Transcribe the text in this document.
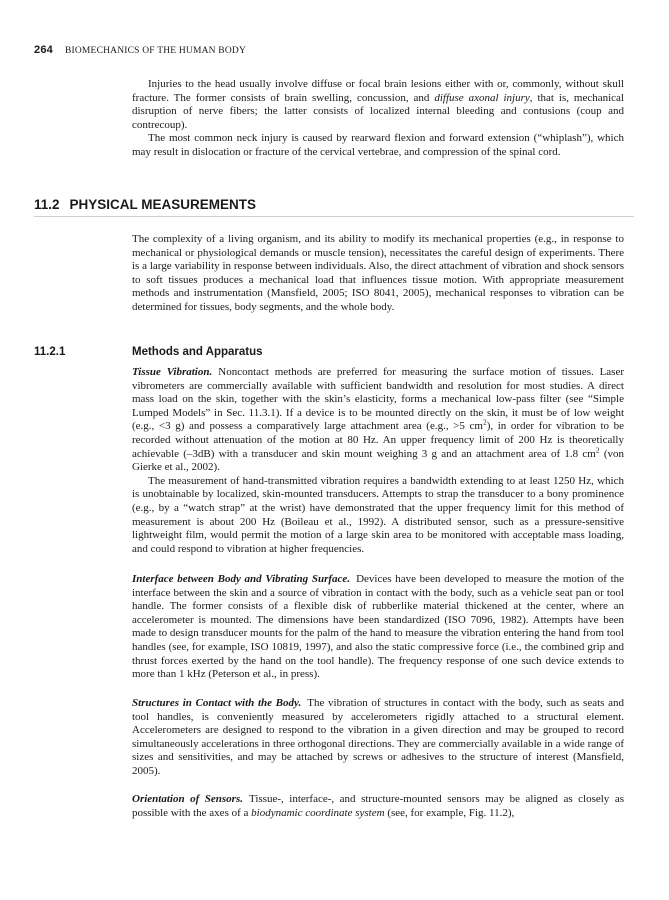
264 BIOMECHANICS OF THE HUMAN BODY

Injuries to the head usually involve diffuse or focal brain lesions either with or, commonly, without skull fracture. The former consists of brain swelling, concussion, and diffuse axonal injury, that is, mechanical disruption of nerve fibers; the latter consists of localized internal bleeding and contusions (coup and contrecoup).

The most common neck injury is caused by rearward flexion and forward extension (“whiplash”), which may result in dislocation or fracture of the cervical vertebrae, and compression of the spinal cord.

11.2 PHYSICAL MEASUREMENTS

The complexity of a living organism, and its ability to modify its mechanical properties (e.g., in response to mechanical or physiological demands or muscle tension), necessitates the careful design of experiments. There is a large variability in response between individuals. Also, the direct attachment of vibration and shock sensors to soft tissues produces a mechanical load that influences tissue motion. With appropriate measurement methods and instrumentation (Mansfield, 2005; ISO 8041, 2005), mechanical responses to vibration can be determined for tissues, body segments, and the whole body.

11.2.1	Methods and Apparatus

Tissue Vibration. Noncontact methods are preferred for measuring the surface motion of tissues. Laser vibrometers are commercially available with sufficient bandwidth and resolution for most studies. A direct mass load on the skin, together with the skin’s elasticity, forms a mechanical low-pass filter (see “Simple Lumped Models” in Sec. 11.3.1). If a device is to be mounted directly on the skin, it must be of low weight (e.g., <3 g) and possess a comparatively large attachment area (e.g., >5 $cm^2$), in order for vibration to be recorded without attenuation of the motion at 80 Hz. An upper frequency limit of 200 Hz is theoretically achievable (–3dB) with a transducer and skin mount weighing 3 g and an attachment area of 1.8 $cm^2$ (von Gierke et al., 2002).

The measurement of hand-transmitted vibration requires a bandwidth extending to at least 1250 Hz, which is unobtainable by localized, skin-mounted transducers. Attempts to strap the transducer to a bony prominence (e.g., by a “watch strap” at the wrist) have demonstrated that the upper frequency limit for this method of measurement is about 200 Hz (Boileau et al., 1992). A distributed sensor, such as a pressure-sensitive lightweight film, would permit the motion of a large skin area to be monitored with acceptable mass loading, and could respond to vibration at higher frequencies.

Interface between Body and Vibrating Surface. Devices have been developed to measure the motion of the interface between the skin and a source of vibration in contact with the body, such as a vehicle seat pan or tool handle. The former consists of a flexible disk of rubberlike material thickened at the center, where an accelerometer is mounted. The dimensions have been standardized (ISO 7096, 1982). Attempts have been made to design transducer mounts for the palm of the hand to measure the vibration entering the hand from tool handles (see, for example, ISO 10819, 1997), and also the static compressive force (i.e., the combined grip and thrust forces exerted by the hand on the tool handle). The frequency response of one such device extends to more than 1 kHz (Peterson et al., in press).

Structures in Contact with the Body. The vibration of structures in contact with the body, such as seats and tool handles, is conveniently measured by accelerometers rigidly attached to a structural element. Accelerometers are designed to respond to the vibration in a given direction and may be grouped to record simultaneously accelerations in three orthogonal directions. They are commercially available in a wide range of sizes and sensitivities, and may be attached by screws or adhesives to the structure of interest (Mansfield, 2005).

Orientation of Sensors. Tissue-, interface-, and structure-mounted sensors may be aligned as closely as possible with the axes of a biodynamic coordinate system (see, for example, Fig. 11.2),
